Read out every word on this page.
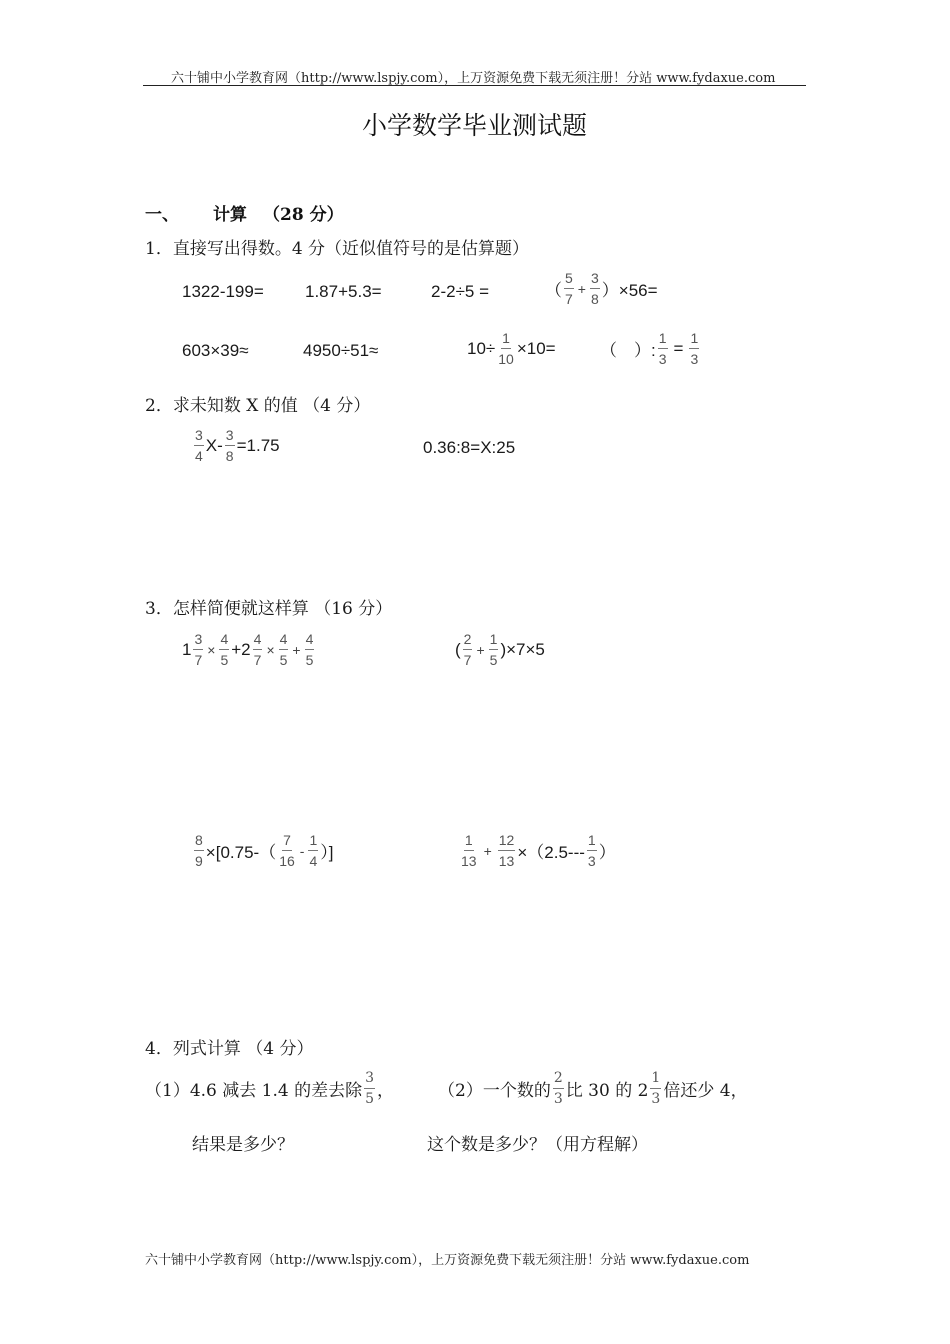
六十铺中小学教育网（http://www.lspjy.com），上万资源免费下载无须注册！分站 www.fydaxue.com
小学数学毕业测试题
一、 计算 （28 分）
1．直接写出得数。4 分（近似值符号的是估算题）
1322-199= 1.87+5.3=	2-2÷5 =	（ $\frac{5}{7} + \frac{3}{8} )\times 56=$
603×39≈	4950÷51≈	$10\div \frac{1}{10} \times 10=$	（　）: $\frac{1}{3} = \frac{1}{3}$
2．求未知数 X 的值 （4 分）
$\frac{3}{4} X- \frac{3}{8} =1.75$	0.36:8=X:25
3．怎样简便就这样算 （16 分）
$1 \frac{3}{7} \times \frac{4}{5} +2 \frac{4}{7} \times \frac{4}{5} + \frac{4}{5}$	( $\frac{2}{7} + \frac{1}{5} )\times 7\times 5$
$\frac{8}{9} \times[0.75-( \frac{7}{16} - \frac{1}{4}$ ）]	$\frac{1}{13} + \frac{12}{13} \times(2.5--- \frac{1}{3}$ ）
4．列式计算 （4 分）
（1）4.6 减去 1.4 的差去除 $\frac{3}{5}$ ，
结果是多少？
（2）一个数的 $\frac{2}{3}$ 比 30 的 $2 \frac{1}{3}$ 倍还少 4，
这个数是多少？（用方程解）
六十铺中小学教育网（http://www.lspjy.com），上万资源免费下载无须注册！分站 www.fydaxue.com
